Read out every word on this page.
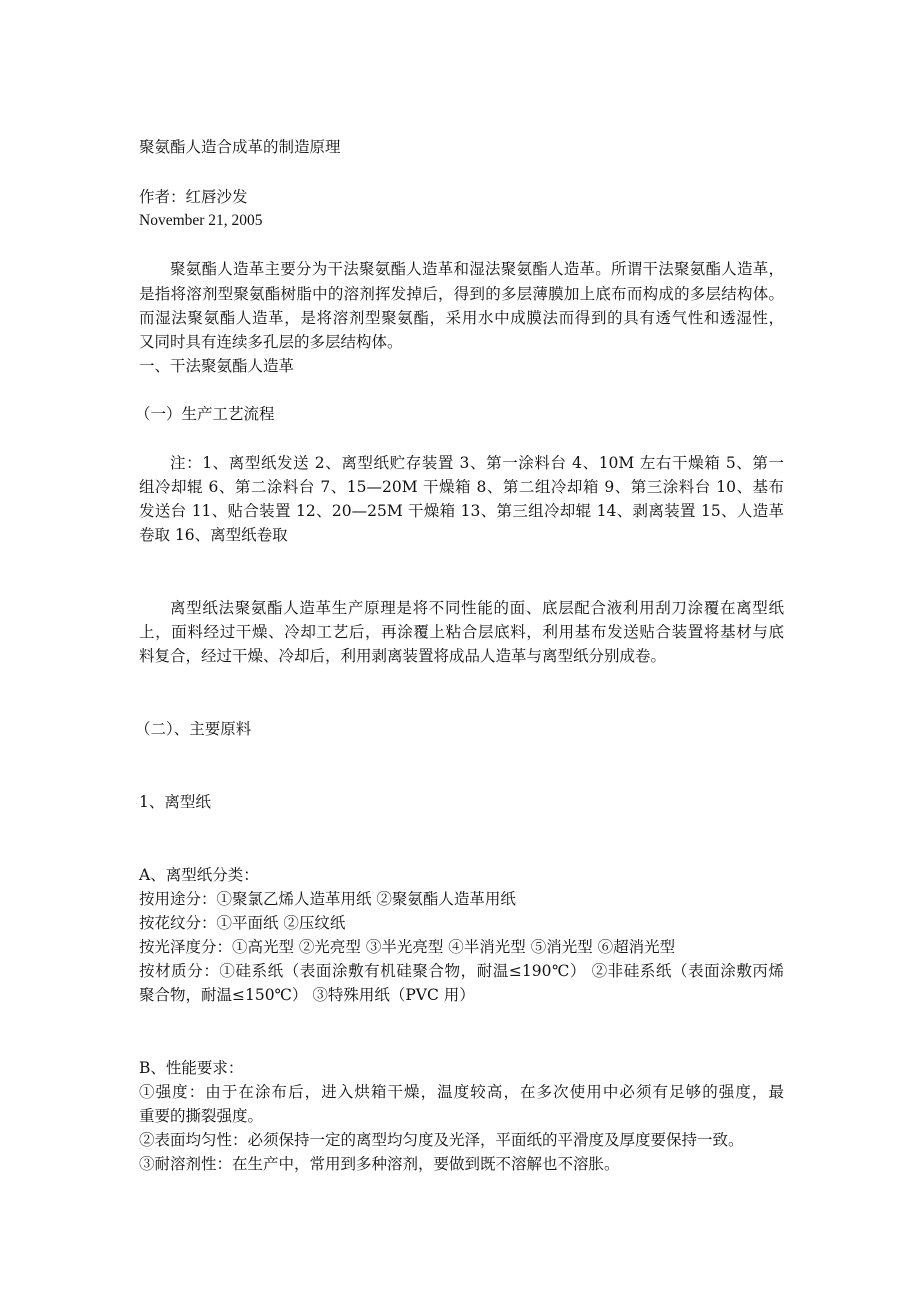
聚氨酯人造合成革的制造原理
作者：红唇沙发
November 21, 2005
聚氨酯人造革主要分为干法聚氨酯人造革和湿法聚氨酯人造革。所谓干法聚氨酯人造革，
是指将溶剂型聚氨酯树脂中的溶剂挥发掉后，得到的多层薄膜加上底布而构成的多层结构体。
而湿法聚氨酯人造革，是将溶剂型聚氨酯，采用水中成膜法而得到的具有透气性和透湿性，
又同时具有连续多孔层的多层结构体。
一、干法聚氨酯人造革
（一）生产工艺流程
注：1、离型纸发送 2、离型纸贮存装置 3、第一涂料台 4、10M 左右干燥箱 5、第一
组冷却辊 6、第二涂料台 7、15—20M 干燥箱 8、第二组冷却箱 9、第三涂料台 10、基布
发送台 11、贴合装置 12、20—25M 干燥箱 13、第三组冷却辊 14、剥离装置 15、人造革
卷取 16、离型纸卷取
离型纸法聚氨酯人造革生产原理是将不同性能的面、底层配合液利用刮刀涂覆在离型纸
上，面料经过干燥、冷却工艺后，再涂覆上粘合层底料，利用基布发送贴合装置将基材与底
料复合，经过干燥、冷却后，利用剥离装置将成品人造革与离型纸分别成卷。
（二）、主要原料
1、离型纸
A、离型纸分类：
按用途分：①聚氯乙烯人造革用纸 ②聚氨酯人造革用纸
按花纹分：①平面纸 ②压纹纸
按光泽度分：①高光型 ②光亮型 ③半光亮型 ④半消光型 ⑤消光型 ⑥超消光型
按材质分：①硅系纸（表面涂敷有机硅聚合物，耐温≤190℃） ②非硅系纸（表面涂敷丙烯
聚合物，耐温≤150℃） ③特殊用纸（PVC 用）
B、性能要求：
①强度：由于在涂布后，进入烘箱干燥，温度较高，在多次使用中必须有足够的强度，最
重要的撕裂强度。
②表面均匀性：必须保持一定的离型均匀度及光泽，平面纸的平滑度及厚度要保持一致。
③耐溶剂性：在生产中，常用到多种溶剂，要做到既不溶解也不溶胀。
